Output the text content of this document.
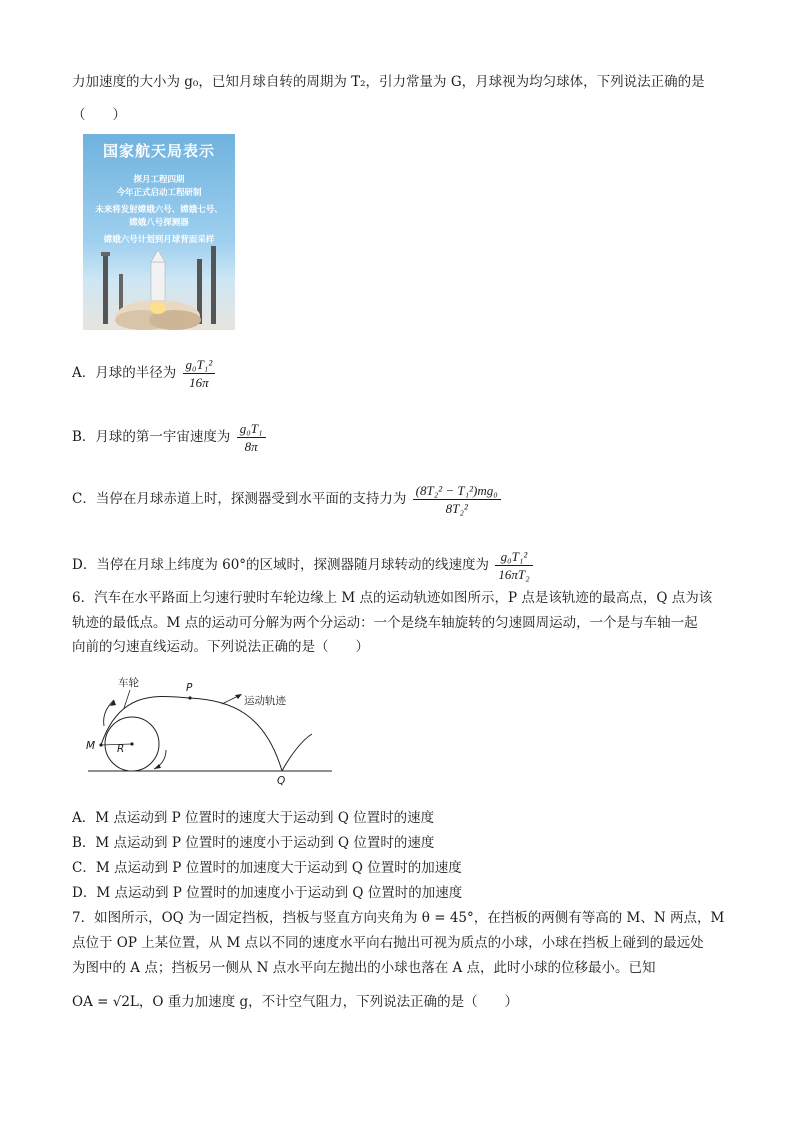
力加速度的大小为 g₀，已知月球自转的周期为 T₂，引力常量为 G，月球视为均匀球体，下列说法正确的是
（　　）
国家航天局表示
探月工程四期
今年正式启动工程研制
未来将发射嫦娥六号、嫦娥七号、
嫦娥八号探测器
嫦娥六号计划到月球背面采样
A．月球的半径为 $\frac{\text{g₀T₁²}}{16\pi}$
B．月球的第一宇宙速度为 $\frac{\text{g₀T₁}}{8\pi}$
C．当停在月球赤道上时，探测器受到水平面的支持力为 $\frac{\text{(8T₂² − T₁²)mg₀}}{\text{8T₂²}}$
D．当停在月球上纬度为 60°的区域时，探测器随月球转动的线速度为 $\frac{\text{g₀T₁²}}{\text{16πT₂}}$
6．汽车在水平路面上匀速行驶时车轮边缘上 M 点的运动轨迹如图所示，P 点是该轨迹的最高点，Q 点为该
轨迹的最低点。M 点的运动可分解为两个分运动：一个是绕车轴旋转的匀速圆周运动，一个是与车轴一起
向前的匀速直线运动。下列说法正确的是（　　）
车轮
运动轨迹
P
M R
Q
A．M 点运动到 P 位置时的速度大于运动到 Q 位置时的速度
B．M 点运动到 P 位置时的速度小于运动到 Q 位置时的速度
C．M 点运动到 P 位置时的加速度大于运动到 Q 位置时的加速度
D．M 点运动到 P 位置时的加速度小于运动到 Q 位置时的加速度
7．如图所示，OQ 为一固定挡板，挡板与竖直方向夹角为 θ = 45°，在挡板的两侧有等高的 M、N 两点，M
点位于 OP 上某位置，从 M 点以不同的速度水平向右抛出可视为质点的小球，小球在挡板上碰到的最远处
为图中的 A 点；挡板另一侧从 N 点水平向左抛出的小球也落在 A 点，此时小球的位移最小。已知
OA = √2L，O 重力加速度 g，不计空气阻力，下列说法正确的是（　　）
